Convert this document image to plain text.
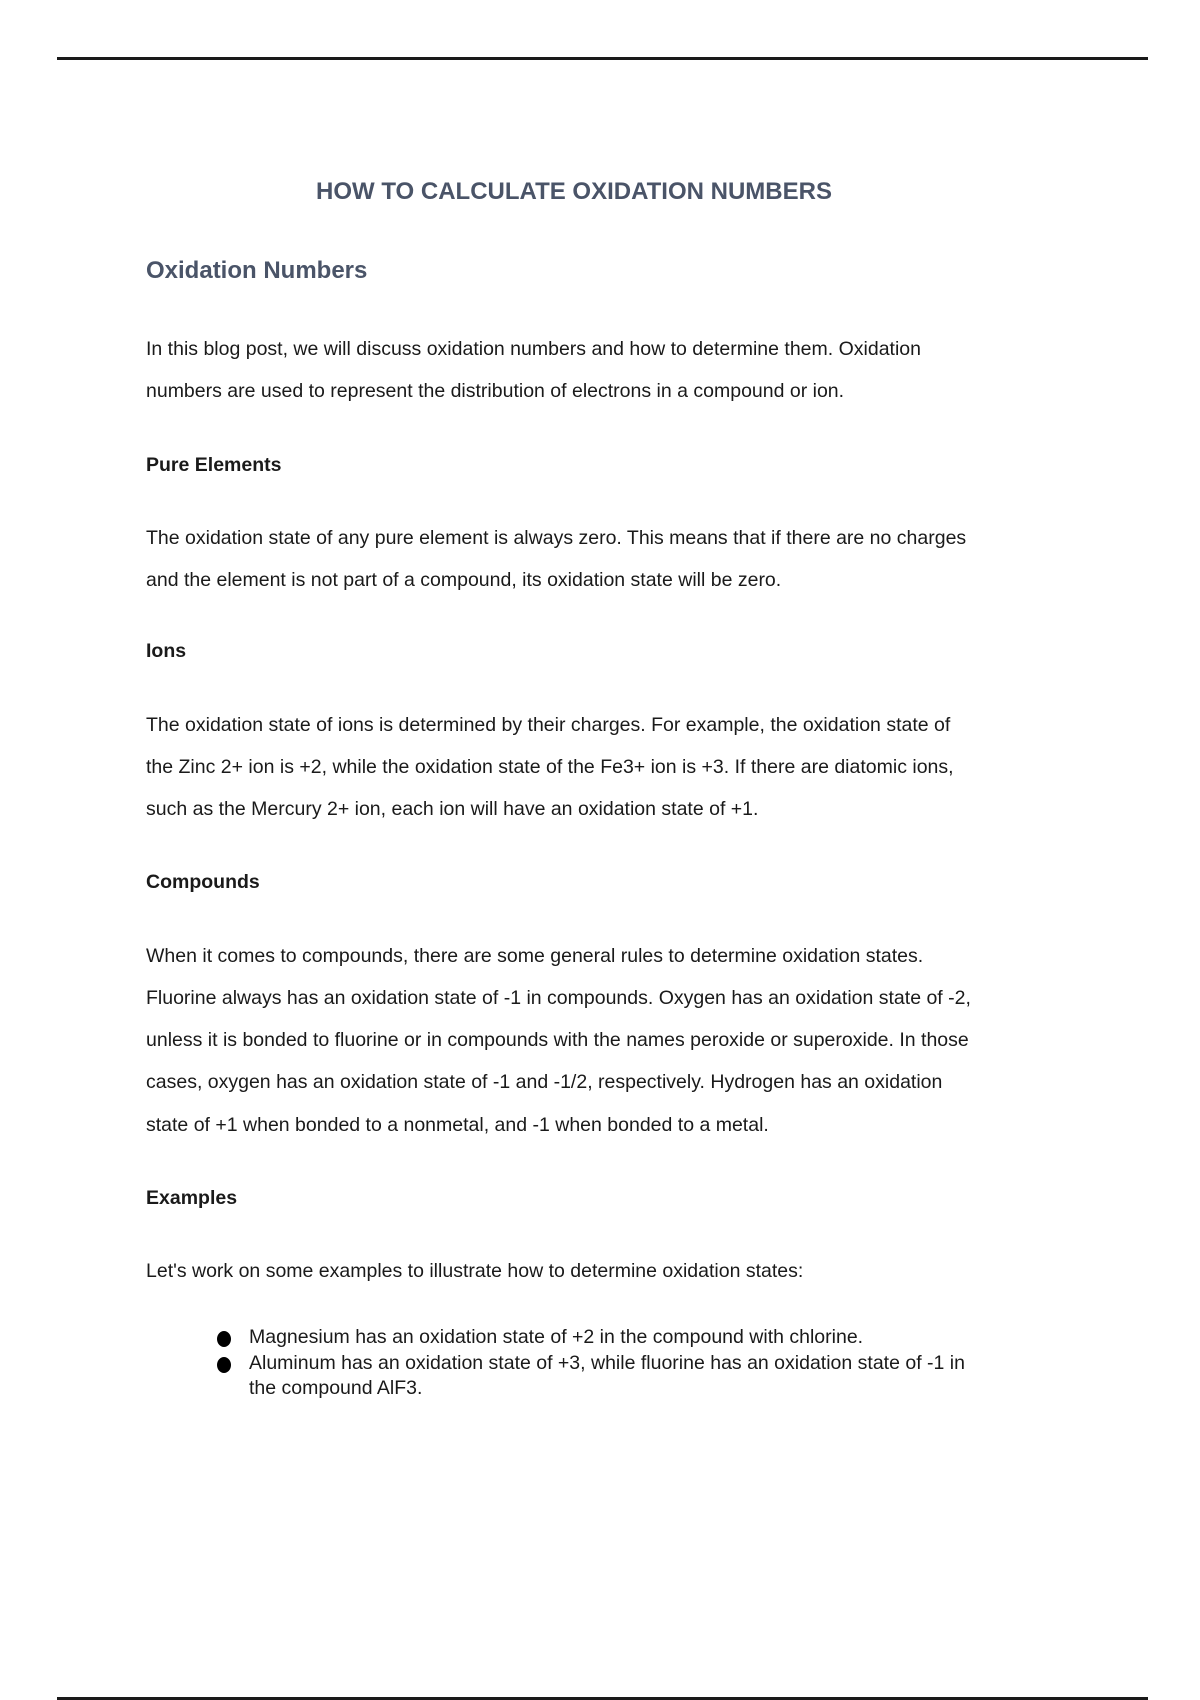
HOW TO CALCULATE OXIDATION NUMBERS
Oxidation Numbers
In this blog post, we will discuss oxidation numbers and how to determine them. Oxidation
numbers are used to represent the distribution of electrons in a compound or ion.
Pure Elements
The oxidation state of any pure element is always zero. This means that if there are no charges
and the element is not part of a compound, its oxidation state will be zero.
Ions
The oxidation state of ions is determined by their charges. For example, the oxidation state of
the Zinc 2+ ion is +2, while the oxidation state of the Fe3+ ion is +3. If there are diatomic ions,
such as the Mercury 2+ ion, each ion will have an oxidation state of +1.
Compounds
When it comes to compounds, there are some general rules to determine oxidation states.
Fluorine always has an oxidation state of -1 in compounds. Oxygen has an oxidation state of -2,
unless it is bonded to fluorine or in compounds with the names peroxide or superoxide. In those
cases, oxygen has an oxidation state of -1 and -1/2, respectively. Hydrogen has an oxidation
state of +1 when bonded to a nonmetal, and -1 when bonded to a metal.
Examples
Let's work on some examples to illustrate how to determine oxidation states:
Magnesium has an oxidation state of +2 in the compound with chlorine.
Aluminum has an oxidation state of +3, while fluorine has an oxidation state of -1 in
the compound AlF3.
